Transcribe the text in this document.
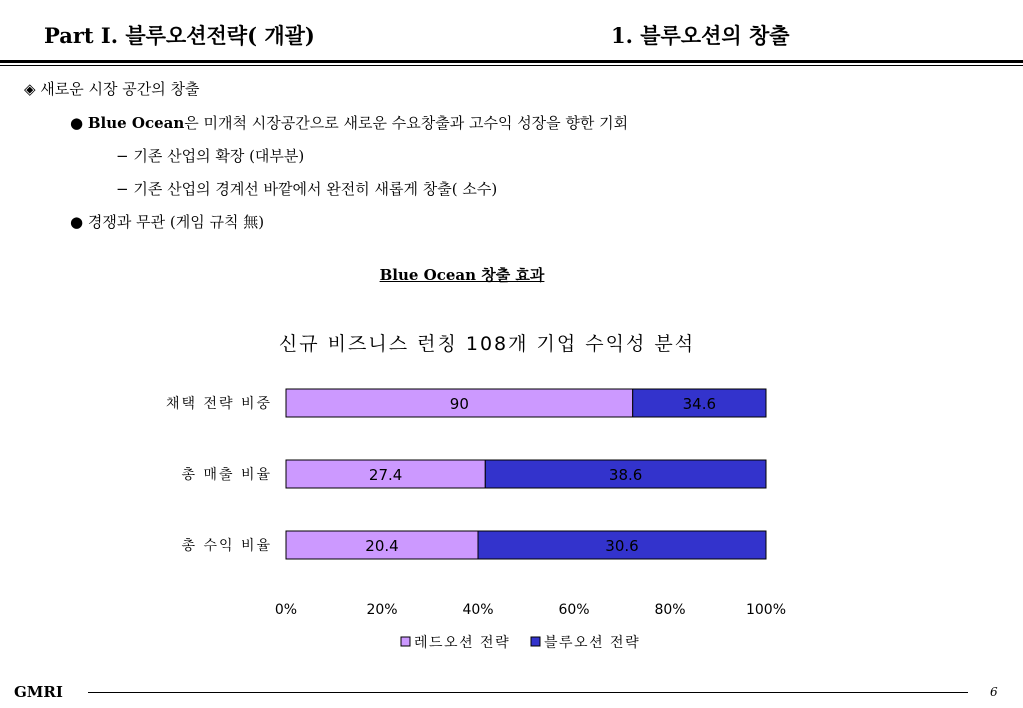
Part Ⅰ. 블루오션전략( 개괄)	1. 블루오션의 창출
◈ 새로운 시장 공간의 창출
● Blue Ocean은 미개척 시장공간으로 새로운 수요창출과 고수익 성장을 향한 기회
− 기존 산업의 확장 (대부분)
− 기존 산업의 경계선 바깥에서 완전히 새롭게 창출( 소수)
● 경쟁과 무관 (게임 규칙 無)
Blue Ocean 창출 효과
신규 비즈니스 런칭 108개 기업 수익성 분석
채택 전략 비중	90	34.6
총 매출 비율	27.4	38.6
총 수익 비율	20.4	30.6
0%	20%	40%	60%	80%	100%
레드오션 전략 블루오션 전략
GMRI	6
